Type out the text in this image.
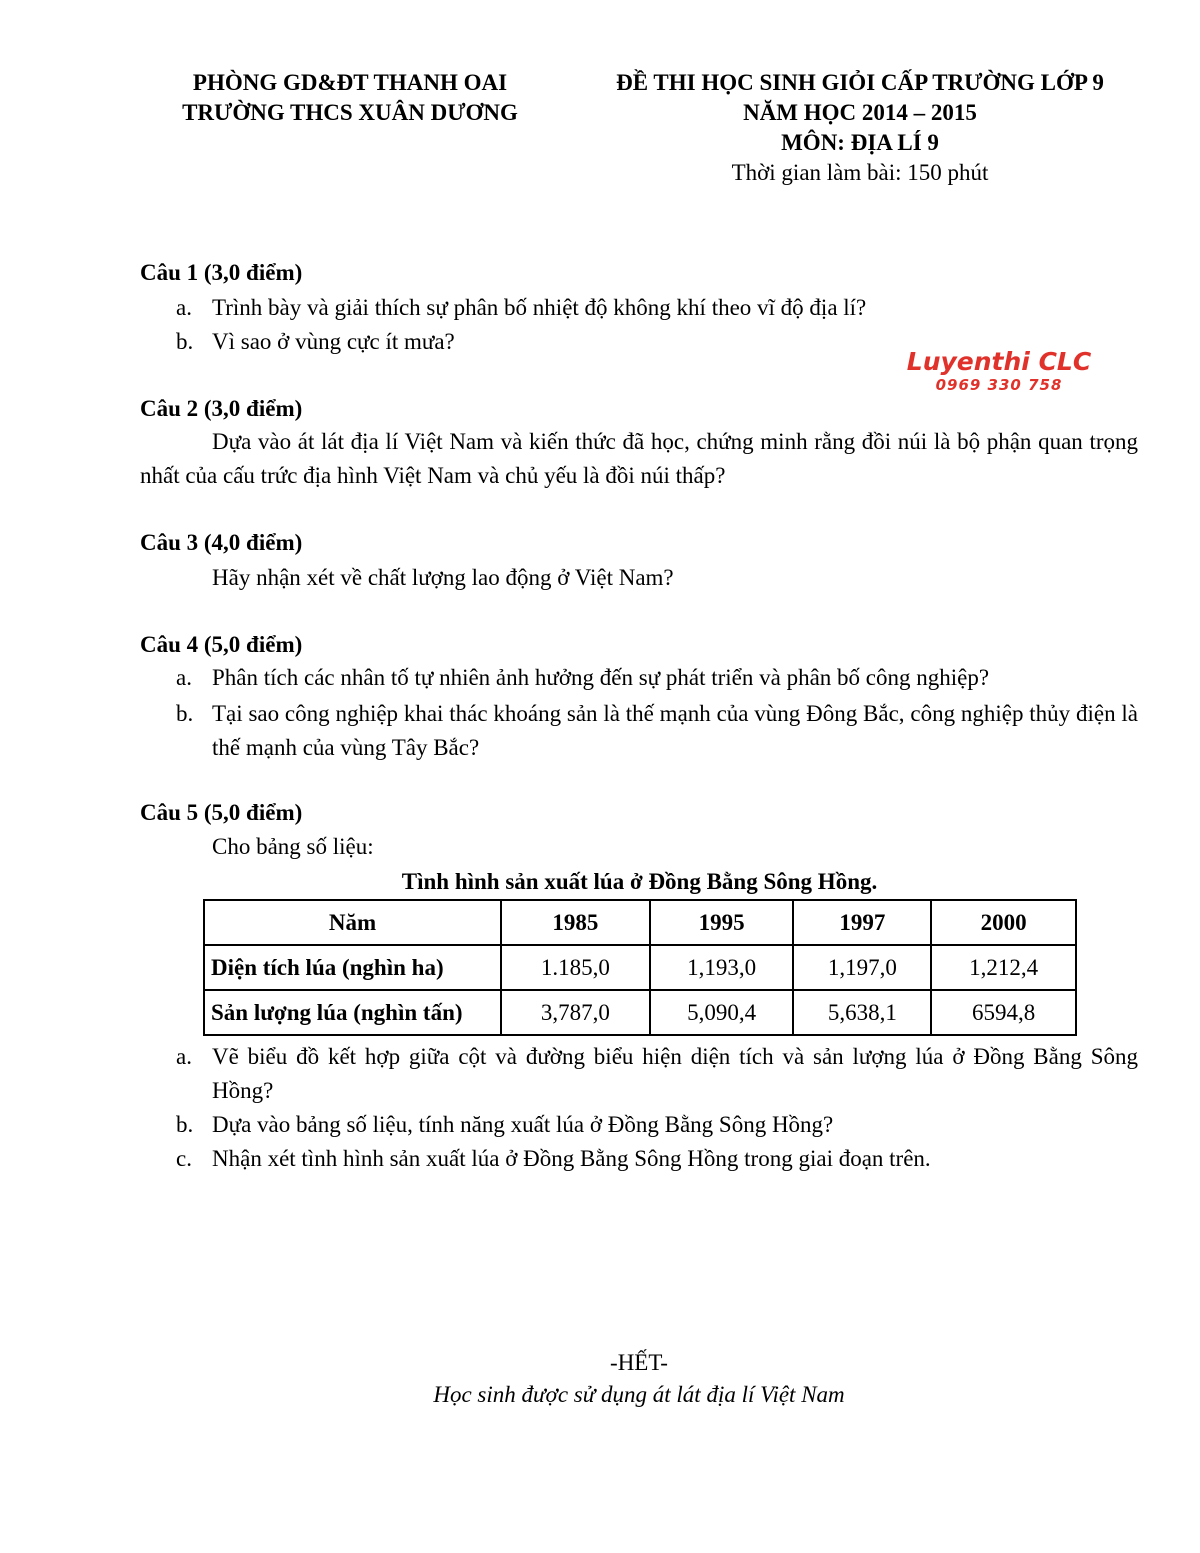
PHÒNG GD&ĐT THANH OAI
TRƯỜNG THCS XUÂN DƯƠNG
ĐỀ THI HỌC SINH GIỎI CẤP TRƯỜNG LỚP 9
NĂM HỌC 2014 – 2015
MÔN: ĐỊA LÍ 9
Thời gian làm bài: 150 phút
Luyenthi CLC
0969 330 758
Câu 1 (3,0 điểm)
a. Trình bày và giải thích sự phân bố nhiệt độ không khí theo vĩ độ địa lí?
b. Vì sao ở vùng cực ít mưa?
Câu 2 (3,0 điểm)
Dựa vào át lát địa lí Việt Nam và kiến thức đã học, chứng minh rằng đồi núi là bộ phận quan trọng nhất của cấu trức địa hình Việt Nam và chủ yếu là đồi núi thấp?
Câu 3 (4,0 điểm)
Hãy nhận xét về chất lượng lao động ở Việt Nam?
Câu 4 (5,0 điểm)
a. Phân tích các nhân tố tự nhiên ảnh hưởng đến sự phát triển và phân bố công nghiệp?
b. Tại sao công nghiệp khai thác khoáng sản là thế mạnh của vùng Đông Bắc, công nghiệp thủy điện là thế mạnh của vùng Tây Bắc?
Câu 5 (5,0 điểm)
Cho bảng số liệu:
Tình hình sản xuất lúa ở Đồng Bằng Sông Hồng.
Năm	1985	1995	1997	2000
Diện tích lúa (nghìn ha)	1.185,0	1,193,0	1,197,0	1,212,4
Sản lượng lúa (nghìn tấn)	3,787,0	5,090,4	5,638,1	6594,8
a. Vẽ biểu đồ kết hợp giữa cột và đường biểu hiện diện tích và sản lượng lúa ở Đồng Bằng Sông Hồng?
b. Dựa vào bảng số liệu, tính năng xuất lúa ở Đồng Bằng Sông Hồng?
c. Nhận xét tình hình sản xuất lúa ở Đồng Bằng Sông Hồng trong giai đoạn trên.
-HẾT-
Học sinh được sử dụng át lát địa lí Việt Nam
